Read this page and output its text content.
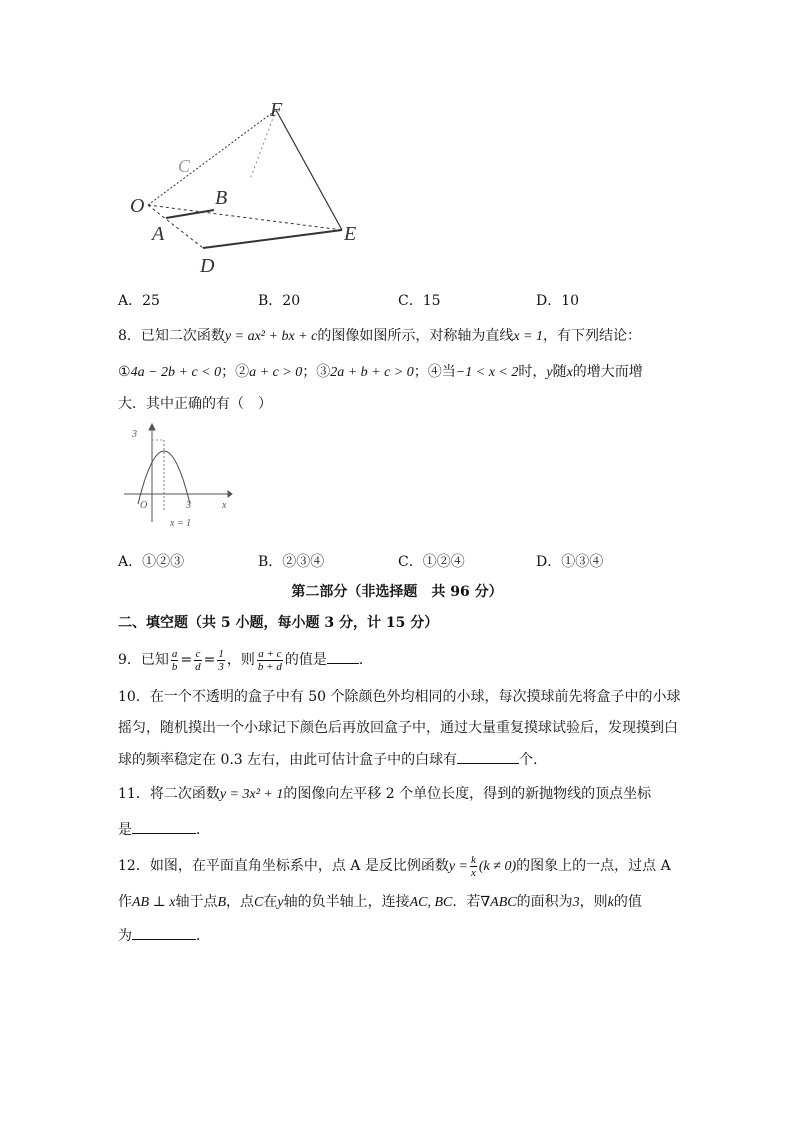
F
C
O	B
A	E
D
A．25	B．20	C．15	D．10
8．已知二次函数y = ax² + bx + c的图像如图所示，对称轴为直线x = 1，有下列结论：
①4a − 2b + c < 0；②a + c > 0；③2a + b + c > 0；④当−1 < x < 2时，y随x的增大而增
大．其中正确的有（　）
3
O	3	x
x = 1
A．①②③	B．②③④	C．①②④	D．①③④
第二部分（非选择题　共 96 分）
二、填空题（共 5 小题，每小题 3 分，计 15 分）
9．已知 $\frac{a}{b} = \frac{c}{d} = \frac{1}{3}$ ，则 $\frac{a + c}{b + d}$ 的值是 ．
10．在一个不透明的盒子中有 50 个除颜色外均相同的小球，每次摸球前先将盒子中的小球
摇匀，随机摸出一个小球记下颜色后再放回盒子中，通过大量重复摸球试验后，发现摸到白
球的频率稳定在 0.3 左右，由此可估计盒子中的白球有	个．
11．将二次函数y = 3x² + 1的图像向左平移 2 个单位长度，得到的新抛物线的顶点坐标
是	．
12．如图，在平面直角坐标系中，点 A 是反比例函数$y = \frac{k}{x} (k \ne 0)$的图象上的一点，过点 A
作AB ⊥ x轴于点B，点C在y轴的负半轴上，连接AC, BC．若∇ABC的面积为3，则k的值
为	．
